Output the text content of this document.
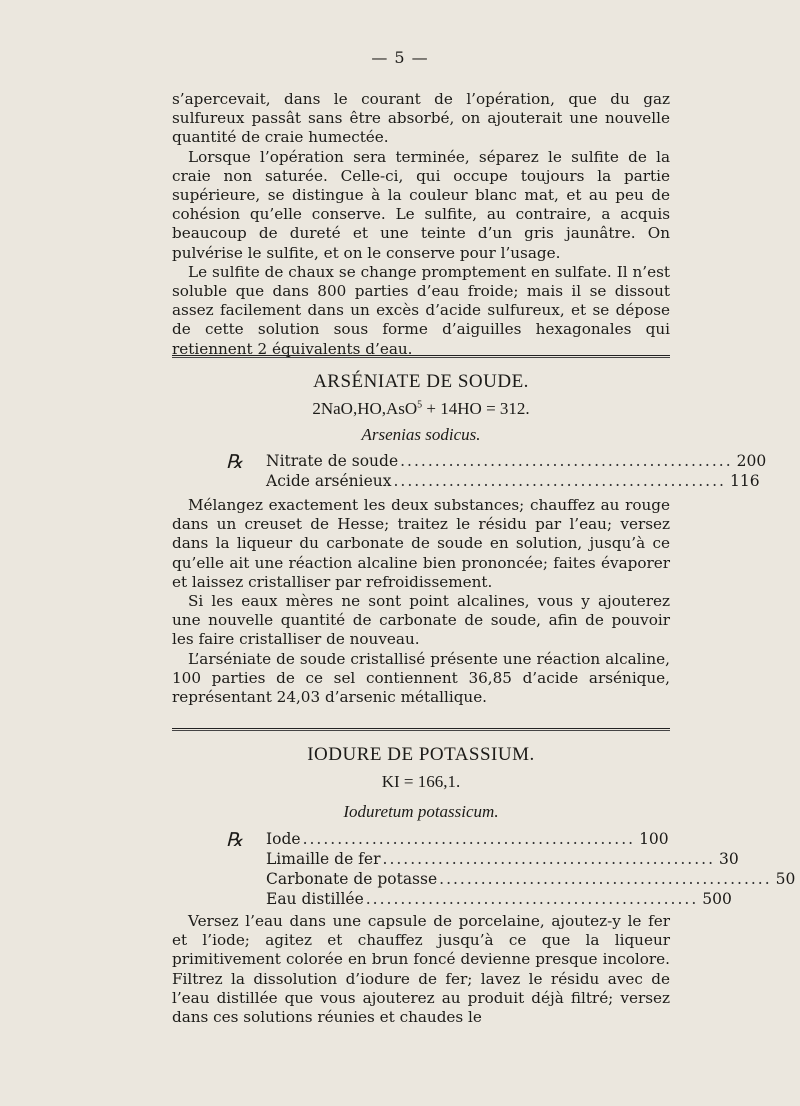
— 5 —

s’apercevait, dans le courant de l’opération, que du gaz sulfureux passât sans être absorbé, on ajouterait une nouvelle quantité de craie humectée.

Lorsque l’opération sera terminée, séparez le sulfite de la craie non saturée. Celle-ci, qui occupe toujours la partie supérieure, se distingue à la couleur blanc mat, et au peu de cohésion qu’elle conserve. Le sulfite, au contraire, a acquis beaucoup de dureté et une teinte d’un gris jaunâtre. On pulvérise le sulfite, et on le conserve pour l’usage.

Le sulfite de chaux se change promptement en sulfate. Il n’est soluble que dans 800 parties d’eau froide; mais il se dissout assez facilement dans un excès d’acide sulfureux, et se dépose de cette solution sous forme d’aiguilles hexagonales qui retiennent 2 équivalents d’eau.

ARSÉNIATE DE SOUDE.

2NaO,HO,AsO$^5$ + 14HO = 312.

Arsenias sodicus.

℞ Nitrate de soude ................................................ 200
Acide arsénieux ................................................ 116

Mélangez exactement les deux substances; chauffez au rouge dans un creuset de Hesse; traitez le résidu par l’eau; versez dans la liqueur du carbonate de soude en solution, jusqu’à ce qu’elle ait une réaction alcaline bien prononcée; faites évaporer et laissez cristalliser par refroidissement.

Si les eaux mères ne sont point alcalines, vous y ajouterez une nouvelle quantité de carbonate de soude, afin de pouvoir les faire cristalliser de nouveau.

L’arséniate de soude cristallisé présente une réaction alcaline, 100 parties de ce sel contiennent 36,85 d’acide arsénique, représentant 24,03 d’arsenic métallique.

IODURE DE POTASSIUM.

KI = 166,1.

Ioduretum potassicum.

℞ Iode ................................................ 100
Limaille de fer ................................................ 30
Carbonate de potasse ................................................ 50
Eau distillée ................................................ 500

Versez l’eau dans une capsule de porcelaine, ajoutez-y le fer et l’iode; agitez et chauffez jusqu’à ce que la liqueur primitivement colorée en brun foncé devienne presque incolore. Filtrez la dissolution d’iodure de fer; lavez le résidu avec de l’eau distillée que vous ajouterez au produit déjà filtré; versez dans ces solutions réunies et chaudes le
